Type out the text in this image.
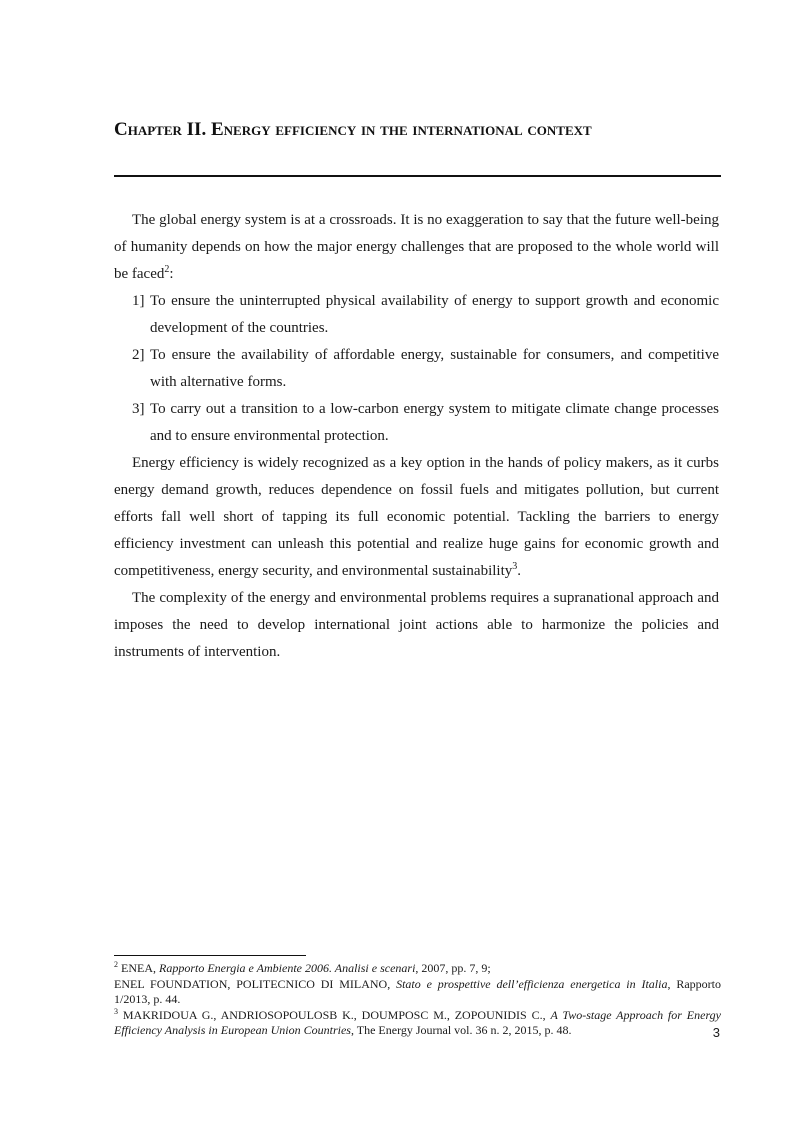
Chapter II. Energy efficiency in the international context

The global energy system is at a crossroads. It is no exaggeration to say that the future well-being of humanity depends on how the major energy challenges that are proposed to the whole world will be faced$^2$:

1] To ensure the uninterrupted physical availability of energy to support growth and economic development of the countries.
2] To ensure the availability of affordable energy, sustainable for consumers, and competitive with alternative forms.
3] To carry out a transition to a low-carbon energy system to mitigate climate change processes and to ensure environmental protection.

Energy efficiency is widely recognized as a key option in the hands of policy makers, as it curbs energy demand growth, reduces dependence on fossil fuels and mitigates pollution, but current efforts fall well short of tapping its full economic potential. Tackling the barriers to energy efficiency investment can unleash this potential and realize huge gains for economic growth and competitiveness, energy security, and environmental sustainability$^3$.

The complexity of the energy and environmental problems requires a supranational approach and imposes the need to develop international joint actions able to harmonize the policies and instruments of intervention.

$^2$ ENEA, Rapporto Energia e Ambiente 2006. Analisi e scenari, 2007, pp. 7, 9;

ENEL FOUNDATION, POLITECNICO DI MILANO, Stato e prospettive dell’efficienza energetica in Italia, Rapporto 1/2013, p. 44.

$^3$ MAKRIDOUA G., ANDRIOSOPOULOSB K., DOUMPOSC M., ZOPOUNIDIS C., A Two-stage Approach for Energy Efficiency Analysis in European Union Countries, The Energy Journal vol. 36 n. 2, 2015, p. 48.	3
